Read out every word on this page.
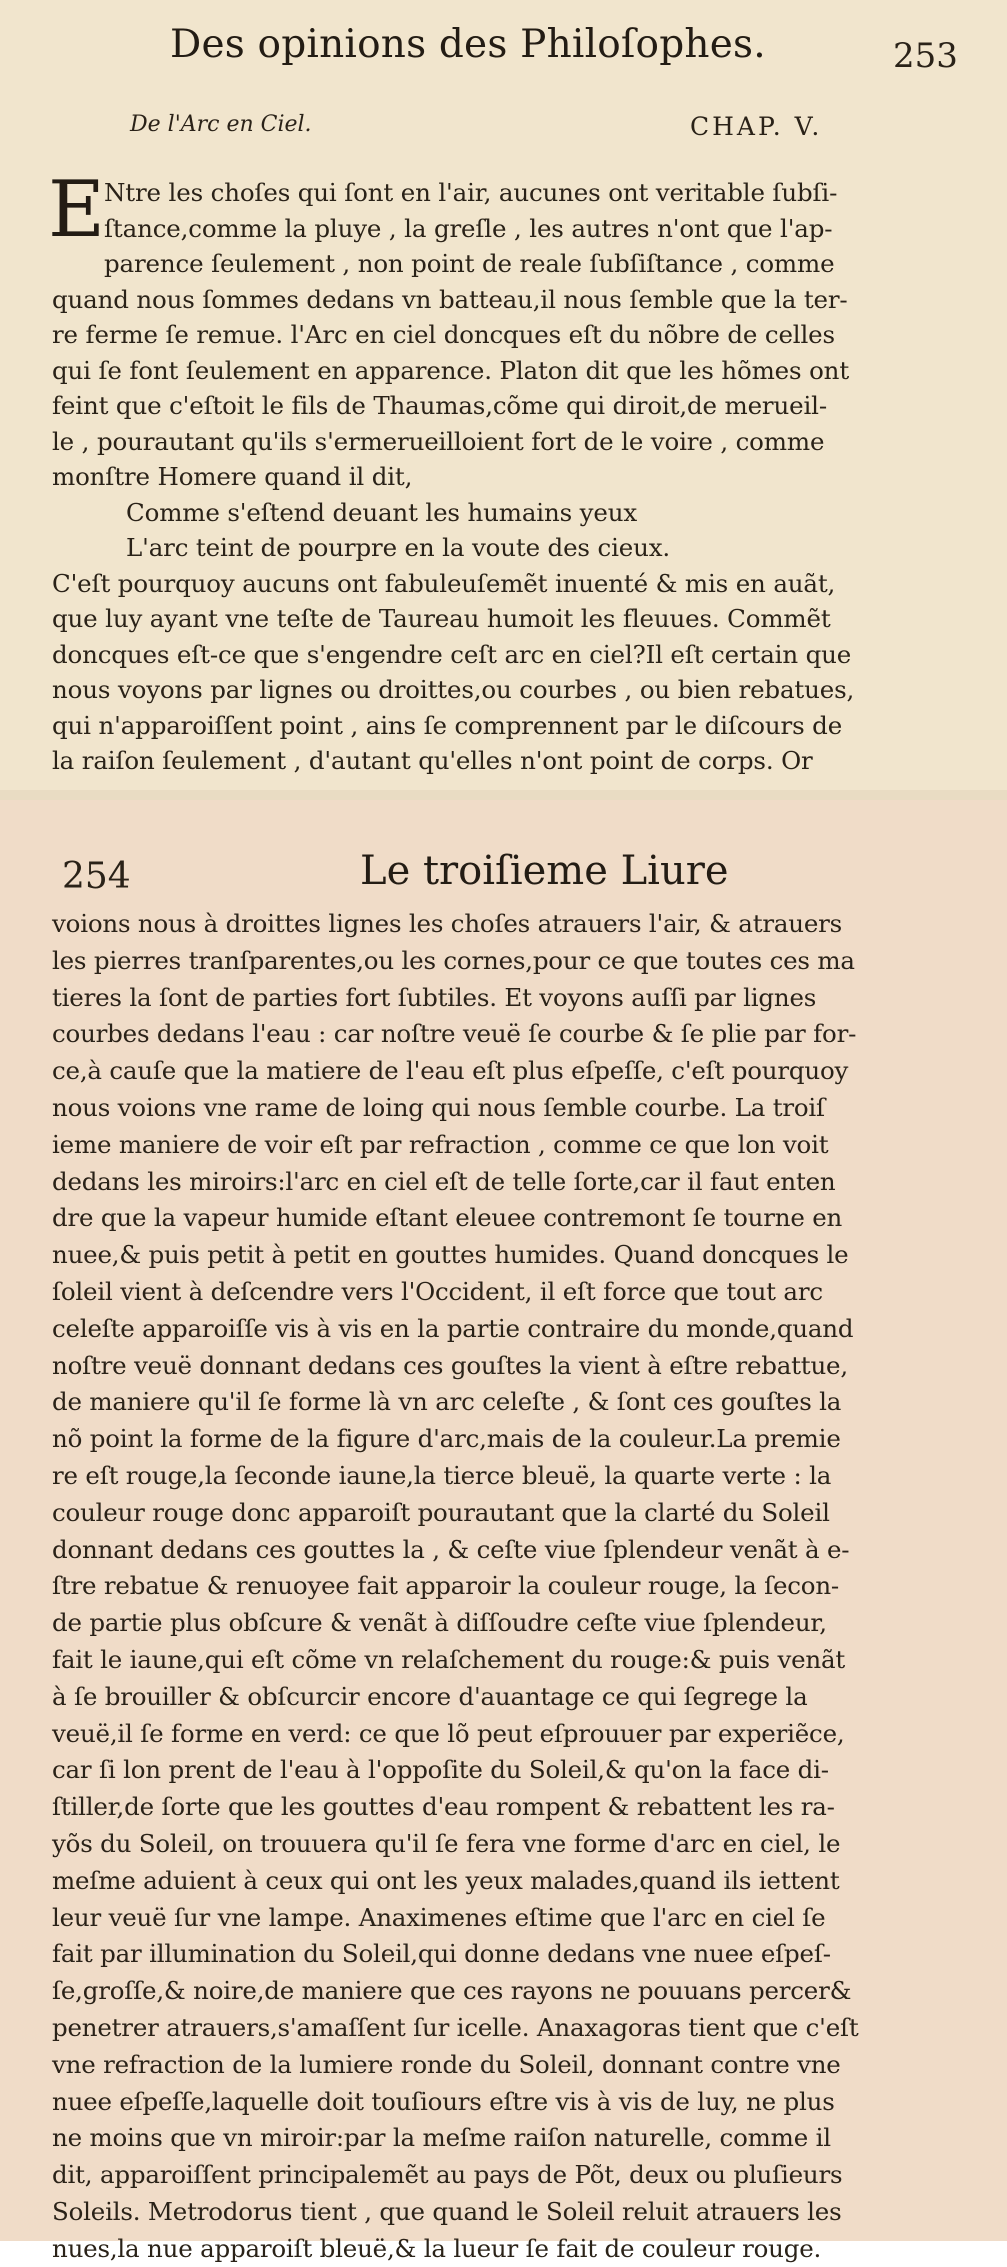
Des opinions des Philoſophes.	253
De l'Arc en Ciel.	CHAP. V.
E Ntre les choſes qui ſont en l'air, aucunes ont veritable ſubſi-
ſtance,comme la pluye , la greſle , les autres n'ont que l'ap-
parence ſeulement , non point de reale ſubſiſtance , comme
quand nous ſommes dedans vn batteau,il nous ſemble que la ter-
re ferme ſe remue. l'Arc en ciel doncques eſt du nõbre de celles
qui ſe font ſeulement en apparence. Platon dit que les hõmes ont
feint que c'eſtoit le fils de Thaumas,cõme qui diroit,de merueil-
le , pourautant qu'ils s'ermerueilloient fort de le voire , comme
monſtre Homere quand il dit,
Comme s'eſtend deuant les humains yeux
L'arc teint de pourpre en la voute des cieux.
C'eſt pourquoy aucuns ont fabuleuſemẽt inuenté & mis en auãt,
que luy ayant vne teſte de Taureau humoit les fleuues. Commẽt
doncques eſt-ce que s'engendre ceſt arc en ciel?Il eſt certain que
nous voyons par lignes ou droittes,ou courbes , ou bien rebatues,
qui n'apparoiſſent point , ains ſe comprennent par le diſcours de
la raiſon ſeulement , d'autant qu'elles n'ont point de corps. Or
254	Le troiſieme Liure
voions nous à droittes lignes les choſes atrauers l'air, & atrauers
les pierres tranſparentes,ou les cornes,pour ce que toutes ces ma
tieres la ſont de parties fort ſubtiles. Et voyons auſſi par lignes
courbes dedans l'eau : car noſtre veuë ſe courbe & ſe plie par for-
ce,à cauſe que la matiere de l'eau eſt plus eſpeſſe, c'eſt pourquoy
nous voions vne rame de loing qui nous ſemble courbe. La troiſ
ieme maniere de voir eſt par refraction , comme ce que lon voit
dedans les miroirs:l'arc en ciel eſt de telle ſorte,car il faut enten
dre que la vapeur humide eſtant eleuee contremont ſe tourne en
nuee,& puis petit à petit en gouttes humides. Quand doncques le
ſoleil vient à deſcendre vers l'Occident, il eſt force que tout arc
celeſte apparoiſſe vis à vis en la partie contraire du monde,quand
noſtre veuë donnant dedans ces gouſtes la vient à eſtre rebattue,
de maniere qu'il ſe forme là vn arc celeſte , & ſont ces gouſtes la
nõ point la forme de la figure d'arc,mais de la couleur.La premie
re eſt rouge,la ſeconde iaune,la tierce bleuë, la quarte verte : la
couleur rouge donc apparoiſt pourautant que la clarté du Soleil
donnant dedans ces gouttes la , & ceſte viue ſplendeur venãt à e-
ſtre rebatue & renuoyee fait apparoir la couleur rouge, la ſecon-
de partie plus obſcure & venãt à diſſoudre ceſte viue ſplendeur,
fait le iaune,qui eſt cõme vn relaſchement du rouge:& puis venãt
à ſe brouiller & obſcurcir encore d'auantage ce qui ſegrege la
veuë,il ſe forme en verd: ce que lõ peut eſprouuer par experiẽce,
car ſi lon prent de l'eau à l'oppoſite du Soleil,& qu'on la face di-
ſtiller,de ſorte que les gouttes d'eau rompent & rebattent les ra-
yõs du Soleil, on trouuera qu'il ſe fera vne forme d'arc en ciel, le
meſme aduient à ceux qui ont les yeux malades,quand ils iettent
leur veuë ſur vne lampe. Anaximenes eſtime que l'arc en ciel ſe
fait par illumination du Soleil,qui donne dedans vne nuee eſpeſ-
ſe,groſſe,& noire,de maniere que ces rayons ne pouuans percer&
penetrer atrauers,s'amaſſent ſur icelle. Anaxagoras tient que c'eſt
vne refraction de la lumiere ronde du Soleil, donnant contre vne
nuee eſpeſſe,laquelle doit touſiours eſtre vis à vis de luy, ne plus
ne moins que vn miroir:par la meſme raiſon naturelle, comme il
dit, apparoiſſent principalemẽt au pays de Põt, deux ou pluſieurs
Soleils. Metrodorus tient , que quand le Soleil reluit atrauers les
nues,la nue apparoiſt bleuë,& la lueur ſe fait de couleur rouge.
